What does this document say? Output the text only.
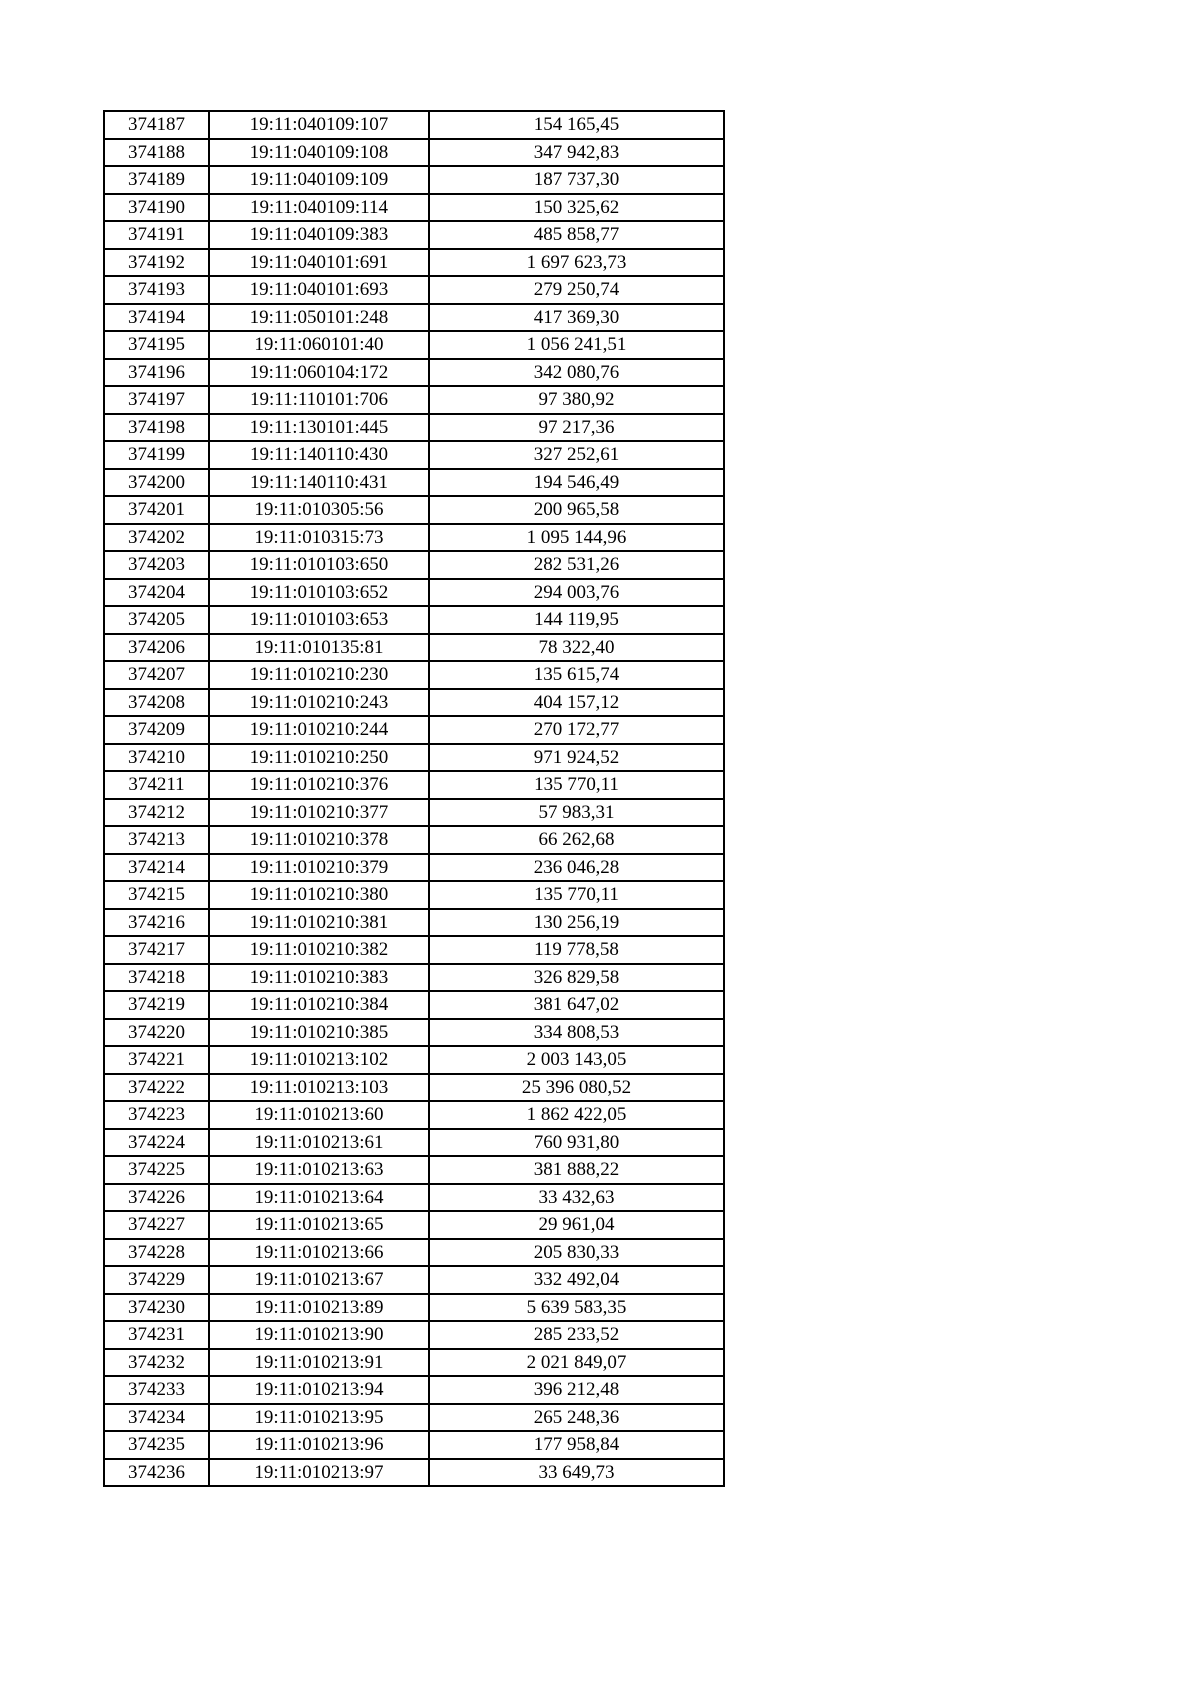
374187	19:11:040109:107	154 165,45
374188	19:11:040109:108	347 942,83
374189	19:11:040109:109	187 737,30
374190	19:11:040109:114	150 325,62
374191	19:11:040109:383	485 858,77
374192	19:11:040101:691	1 697 623,73
374193	19:11:040101:693	279 250,74
374194	19:11:050101:248	417 369,30
374195	19:11:060101:40	1 056 241,51
374196	19:11:060104:172	342 080,76
374197	19:11:110101:706	97 380,92
374198	19:11:130101:445	97 217,36
374199	19:11:140110:430	327 252,61
374200	19:11:140110:431	194 546,49
374201	19:11:010305:56	200 965,58
374202	19:11:010315:73	1 095 144,96
374203	19:11:010103:650	282 531,26
374204	19:11:010103:652	294 003,76
374205	19:11:010103:653	144 119,95
374206	19:11:010135:81	78 322,40
374207	19:11:010210:230	135 615,74
374208	19:11:010210:243	404 157,12
374209	19:11:010210:244	270 172,77
374210	19:11:010210:250	971 924,52
374211	19:11:010210:376	135 770,11
374212	19:11:010210:377	57 983,31
374213	19:11:010210:378	66 262,68
374214	19:11:010210:379	236 046,28
374215	19:11:010210:380	135 770,11
374216	19:11:010210:381	130 256,19
374217	19:11:010210:382	119 778,58
374218	19:11:010210:383	326 829,58
374219	19:11:010210:384	381 647,02
374220	19:11:010210:385	334 808,53
374221	19:11:010213:102	2 003 143,05
374222	19:11:010213:103	25 396 080,52
374223	19:11:010213:60	1 862 422,05
374224	19:11:010213:61	760 931,80
374225	19:11:010213:63	381 888,22
374226	19:11:010213:64	33 432,63
374227	19:11:010213:65	29 961,04
374228	19:11:010213:66	205 830,33
374229	19:11:010213:67	332 492,04
374230	19:11:010213:89	5 639 583,35
374231	19:11:010213:90	285 233,52
374232	19:11:010213:91	2 021 849,07
374233	19:11:010213:94	396 212,48
374234	19:11:010213:95	265 248,36
374235	19:11:010213:96	177 958,84
374236	19:11:010213:97	33 649,73
